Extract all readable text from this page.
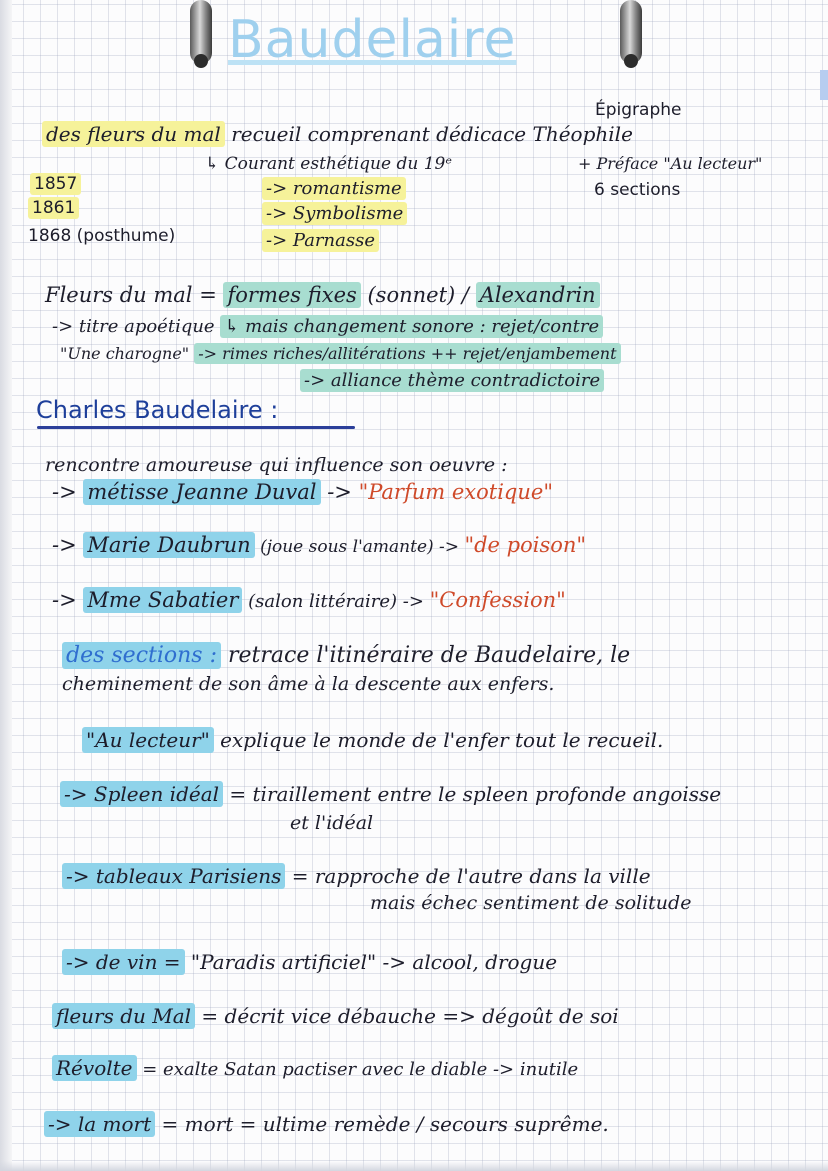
Baudelaire
Épigraphe
des fleurs du mal recueil comprenant dédicace Théophile
↳ Courant esthétique du 19ᵉ	+ Préface "Au lecteur"
1857	-> romantisme	6 sections
1861	-> Symbolisme
1868 (posthume)	-> Parnasse
Fleurs du mal = formes fixes (sonnet) / Alexandrin
-> titre apoétique ↳ mais changement sonore : rejet/contre
"Une charogne" -> rimes riches/allitérations ++ rejet/enjambement
-> alliance thème contradictoire
Charles Baudelaire :
rencontre amoureuse qui influence son oeuvre :
-> métisse Jeanne Duval -> "Parfum exotique"
-> Marie Daubrun (joue sous l'amante) -> "de poison"
-> Mme Sabatier (salon littéraire) -> "Confession"
des sections : retrace l'itinéraire de Baudelaire, le
cheminement de son âme à la descente aux enfers.
"Au lecteur" explique le monde de l'enfer tout le recueil.
-> Spleen idéal = tiraillement entre le spleen profonde angoisse
et l'idéal
-> tableaux Parisiens = rapproche de l'autre dans la ville
mais échec sentiment de solitude
-> de vin = "Paradis artificiel" -> alcool, drogue
fleurs du Mal = décrit vice débauche => dégoût de soi
Révolte = exalte Satan pactiser avec le diable -> inutile
-> la mort = mort = ultime remède / secours suprême.
